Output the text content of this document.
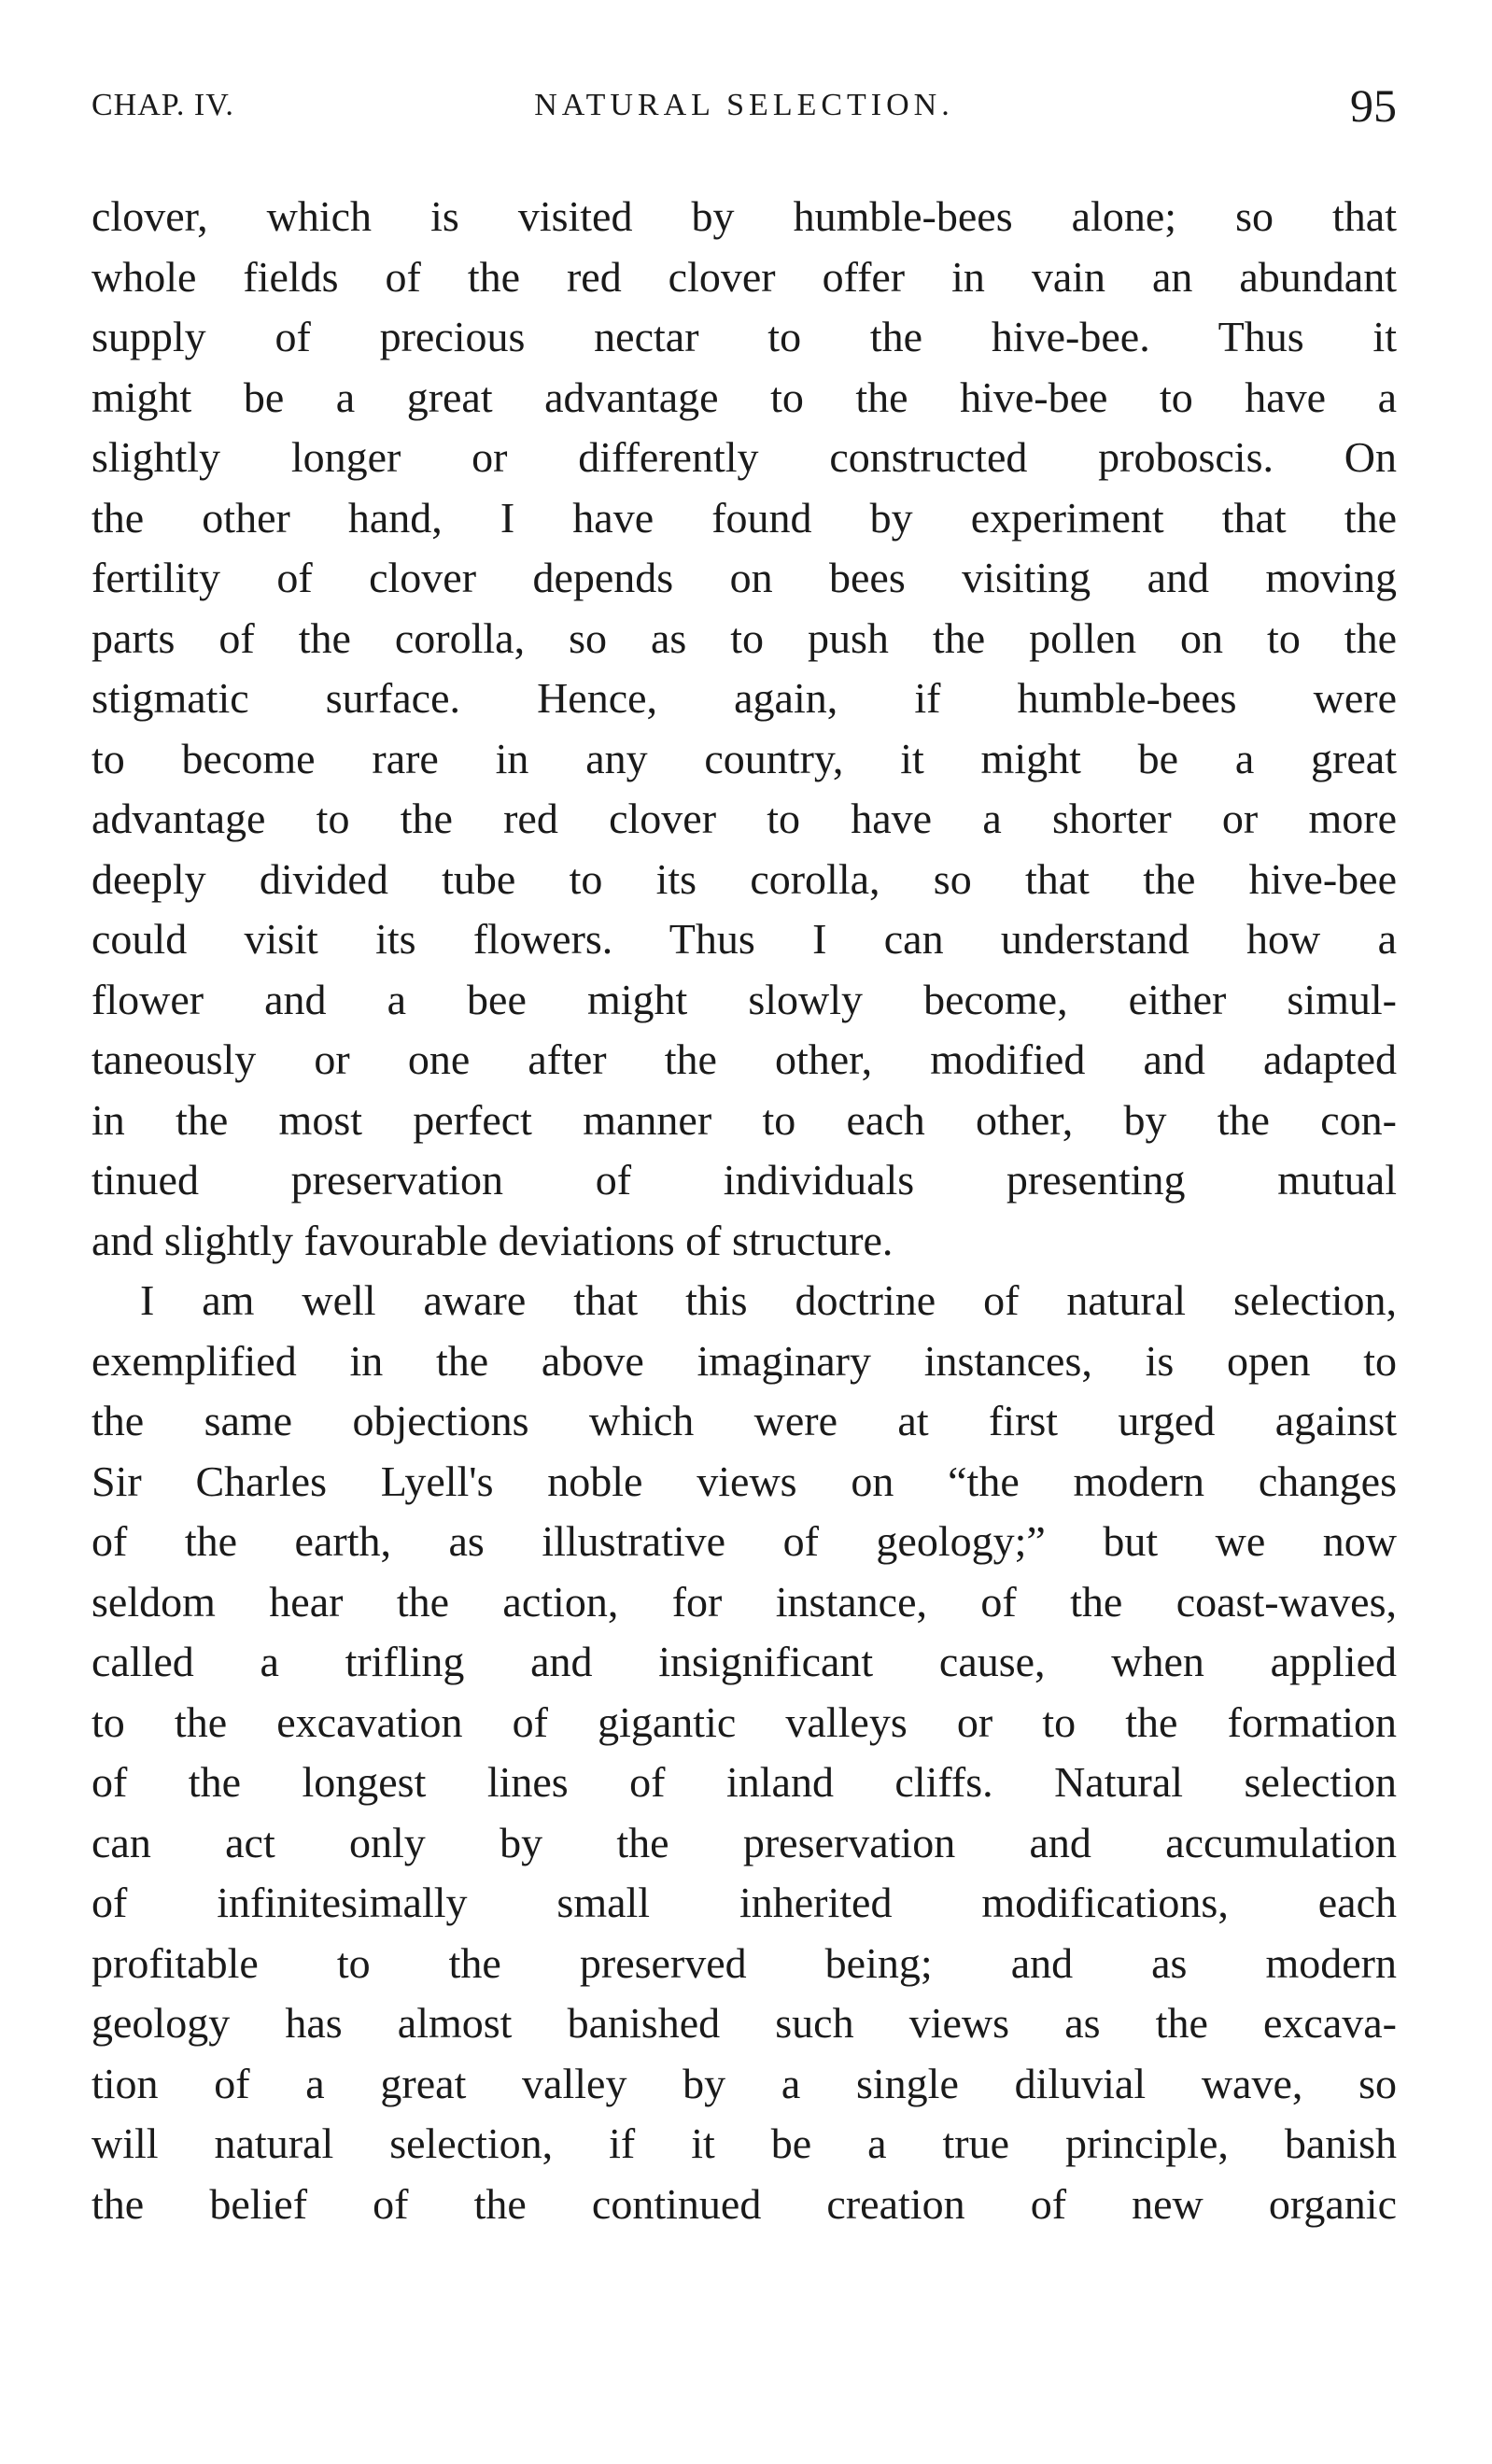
CHAP. IV.	NATURAL SELECTION.	95
clover, which is visited by humble-bees alone; so that
whole fields of the red clover offer in vain an abundant
supply of precious nectar to the hive-bee. Thus it
might be a great advantage to the hive-bee to have a
slightly longer or differently constructed proboscis. On
the other hand, I have found by experiment that the
fertility of clover depends on bees visiting and moving
parts of the corolla, so as to push the pollen on to the
stigmatic surface. Hence, again, if humble-bees were
to become rare in any country, it might be a great
advantage to the red clover to have a shorter or more
deeply divided tube to its corolla, so that the hive-bee
could visit its flowers. Thus I can understand how a
flower and a bee might slowly become, either simul-
taneously or one after the other, modified and adapted
in the most perfect manner to each other, by the con-
tinued preservation of individuals presenting mutual
and slightly favourable deviations of structure.
I am well aware that this doctrine of natural selection,
exemplified in the above imaginary instances, is open to
the same objections which were at first urged against
Sir Charles Lyell's noble views on “the modern changes
of the earth, as illustrative of geology;” but we now
seldom hear the action, for instance, of the coast-waves,
called a trifling and insignificant cause, when applied
to the excavation of gigantic valleys or to the formation
of the longest lines of inland cliffs. Natural selection
can act only by the preservation and accumulation
of infinitesimally small inherited modifications, each
profitable to the preserved being; and as modern
geology has almost banished such views as the excava-
tion of a great valley by a single diluvial wave, so
will natural selection, if it be a true principle, banish
the belief of the continued creation of new organic
